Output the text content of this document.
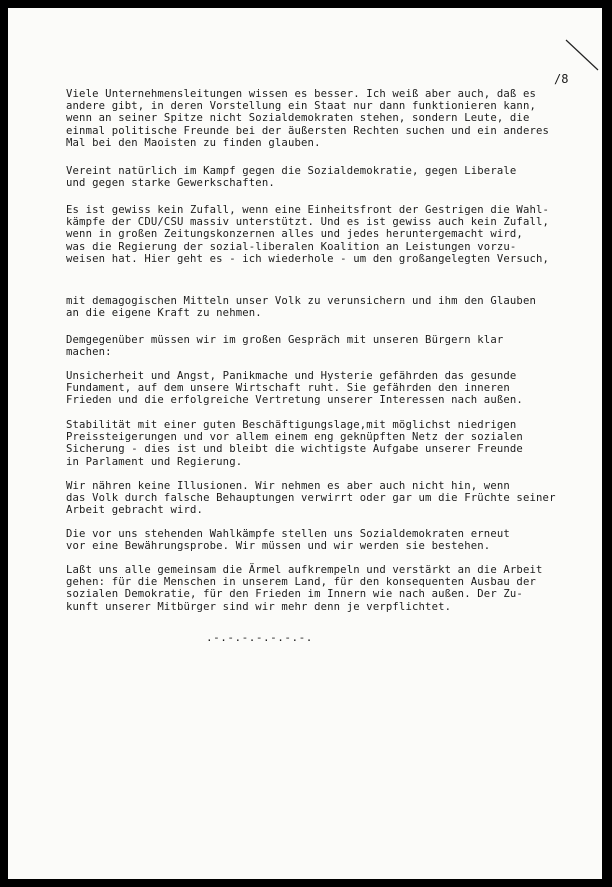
/8

Viele Unternehmensleitungen wissen es besser. Ich weiß aber auch, daß es
andere gibt, in deren Vorstellung ein Staat nur dann funktionieren kann,
wenn an seiner Spitze nicht Sozialdemokraten stehen, sondern Leute, die
einmal politische Freunde bei der äußersten Rechten suchen und ein anderes
Mal bei den Maoisten zu finden glauben.

Vereint natürlich im Kampf gegen die Sozialdemokratie, gegen Liberale
und gegen starke Gewerkschaften.

Es ist gewiss kein Zufall, wenn eine Einheitsfront der Gestrigen die Wahl-
kämpfe der CDU/CSU massiv unterstützt. Und es ist gewiss auch kein Zufall,
wenn in großen Zeitungskonzernen alles und jedes heruntergemacht wird,
was die Regierung der sozial-liberalen Koalition an Leistungen vorzu-
weisen hat. Hier geht es - ich wiederhole - um den großangelegten Versuch,

mit demagogischen Mitteln unser Volk zu verunsichern und ihm den Glauben
an die eigene Kraft zu nehmen.

Demgegenüber müssen wir im großen Gespräch mit unseren Bürgern klar
machen:

Unsicherheit und Angst, Panikmache und Hysterie gefährden das gesunde
Fundament, auf dem unsere Wirtschaft ruht. Sie gefährden den inneren
Frieden und die erfolgreiche Vertretung unserer Interessen nach außen.

Stabilität mit einer guten Beschäftigungslage,mit möglichst niedrigen
Preissteigerungen und vor allem einem eng geknüpften Netz der sozialen
Sicherung - dies ist und bleibt die wichtigste Aufgabe unserer Freunde
in Parlament und Regierung.

Wir nähren keine Illusionen. Wir nehmen es aber auch nicht hin, wenn
das Volk durch falsche Behauptungen verwirrt oder gar um die Früchte seiner
Arbeit gebracht wird.

Die vor uns stehenden Wahlkämpfe stellen uns Sozialdemokraten erneut
vor eine Bewährungsprobe. Wir müssen und wir werden sie bestehen.

Laßt uns alle gemeinsam die Ärmel aufkrempeln und verstärkt an die Arbeit
gehen: für die Menschen in unserem Land, für den konsequenten Ausbau der
sozialen Demokratie, für den Frieden im Innern wie nach außen. Der Zu-
kunft unserer Mitbürger sind wir mehr denn je verpflichtet.

.-.-.-.-.-.-.-.
